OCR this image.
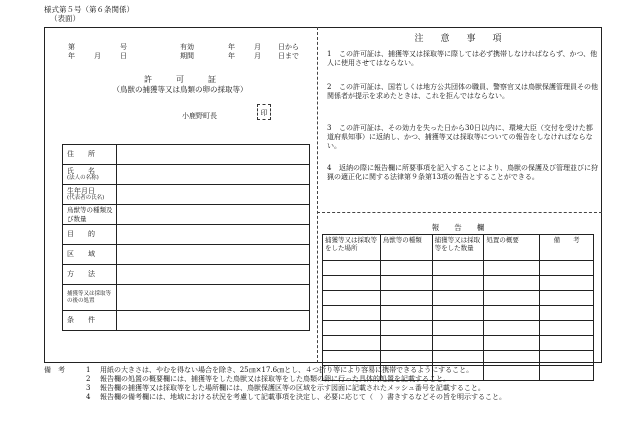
様式第５号（第６条関係）
（表面）
第	号	有効	年	月	日から
年	月	日	期間	年	月	日まで
許　　　可　　　証
（鳥獣の捕獲等又は鳥類の卵の採取等）
小鹿野町長	印
住　　所	

氏　　名
(法人の名称)	

生年月日
(代表者の氏名)	

鳥獣等の種類及び数量	
目　　的	
区　　域	
方　　法	
捕獲等又は採取等の後の処置	
条　　件	
注　意　事　項
1 この許可証は、捕獲等又は採取等に際しては必ず携帯しなければならず、かつ、他人に使用させてはならない。
2 この許可証は、国若しくは地方公共団体の職員、警察官又は鳥獣保護管理員その他関係者が提示を求めたときは、これを拒んではならない。
3 この許可証は、その効力を失った日から30日以内に、環境大臣（交付を受けた都道府県知事）に返納し、かつ、捕獲等又は採取等についての報告をしなければならない。
4 返納の際に報告欄に所要事項を記入することにより、鳥獣の保護及び管理並びに狩猟の適正化に関する法律第９条第13項の報告とすることができる。
報　　告　　欄
捕獲等又は採取等をした場所	鳥獣等の種類	捕獲等又は採取等をした数量	処置の概要	備　　考

備　考	1	用紙の大きさは、やむを得ない場合を除き、25㎝×17.6㎝とし、４つ折り等により容易に携帯できるようにすること。
2	報告欄の処置の概要欄には、捕獲等をした鳥獣又は採取等をした鳥類の卵に行った具体的処置を記載すること。
3	報告欄の捕獲等又は採取等をした場所欄には、鳥獣保護区等の区域を示す図面に記載されたメッシュ番号を記載すること。
4	報告欄の備考欄には、地域における状況を考慮して記載事項を決定し、必要に応じて（　）書きするなどその旨を明示すること。
